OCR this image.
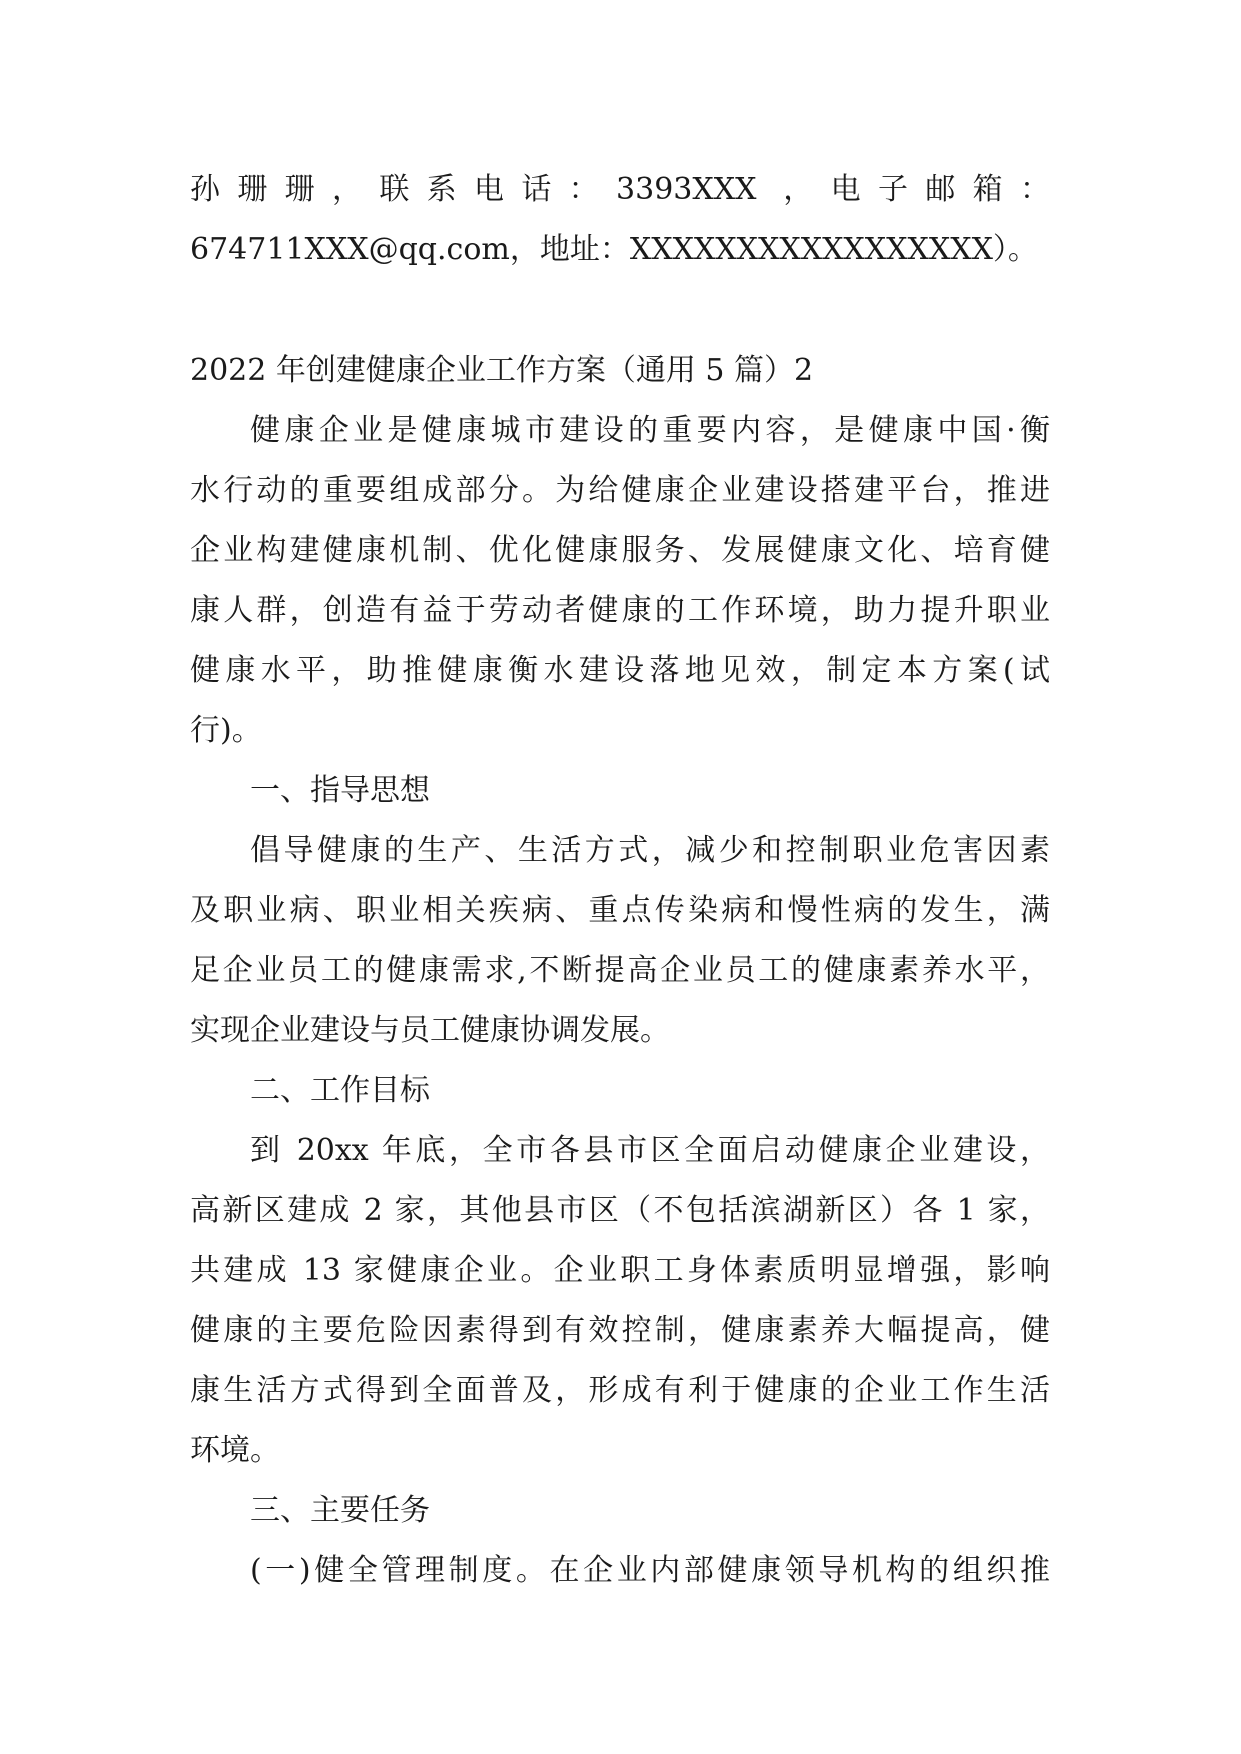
孙珊珊，联系电话：3393XXX ，电子邮箱：
674711XXX@qq.com，地址：XXXXXXXXXXXXXXXXX）。
2022 年创建健康企业工作方案（通用 5 篇）2
健康企业是健康城市建设的重要内容，是健康中国·衡
水行动的重要组成部分。为给健康企业建设搭建平台，推进
企业构建健康机制、优化健康服务、发展健康文化、培育健
康人群，创造有益于劳动者健康的工作环境，助力提升职业
健康水平，助推健康衡水建设落地见效，制定本方案(试
行)。
一、指导思想
倡导健康的生产、生活方式，减少和控制职业危害因素
及职业病、职业相关疾病、重点传染病和慢性病的发生，满
足企业员工的健康需求,不断提高企业员工的健康素养水平，
实现企业建设与员工健康协调发展。
二、工作目标
到 20xx 年底，全市各县市区全面启动健康企业建设，
高新区建成 2 家，其他县市区（不包括滨湖新区）各 1 家，
共建成 13 家健康企业。企业职工身体素质明显增强，影响
健康的主要危险因素得到有效控制，健康素养大幅提高，健
康生活方式得到全面普及，形成有利于健康的企业工作生活
环境。
三、主要任务
(一)健全管理制度。在企业内部健康领导机构的组织推
